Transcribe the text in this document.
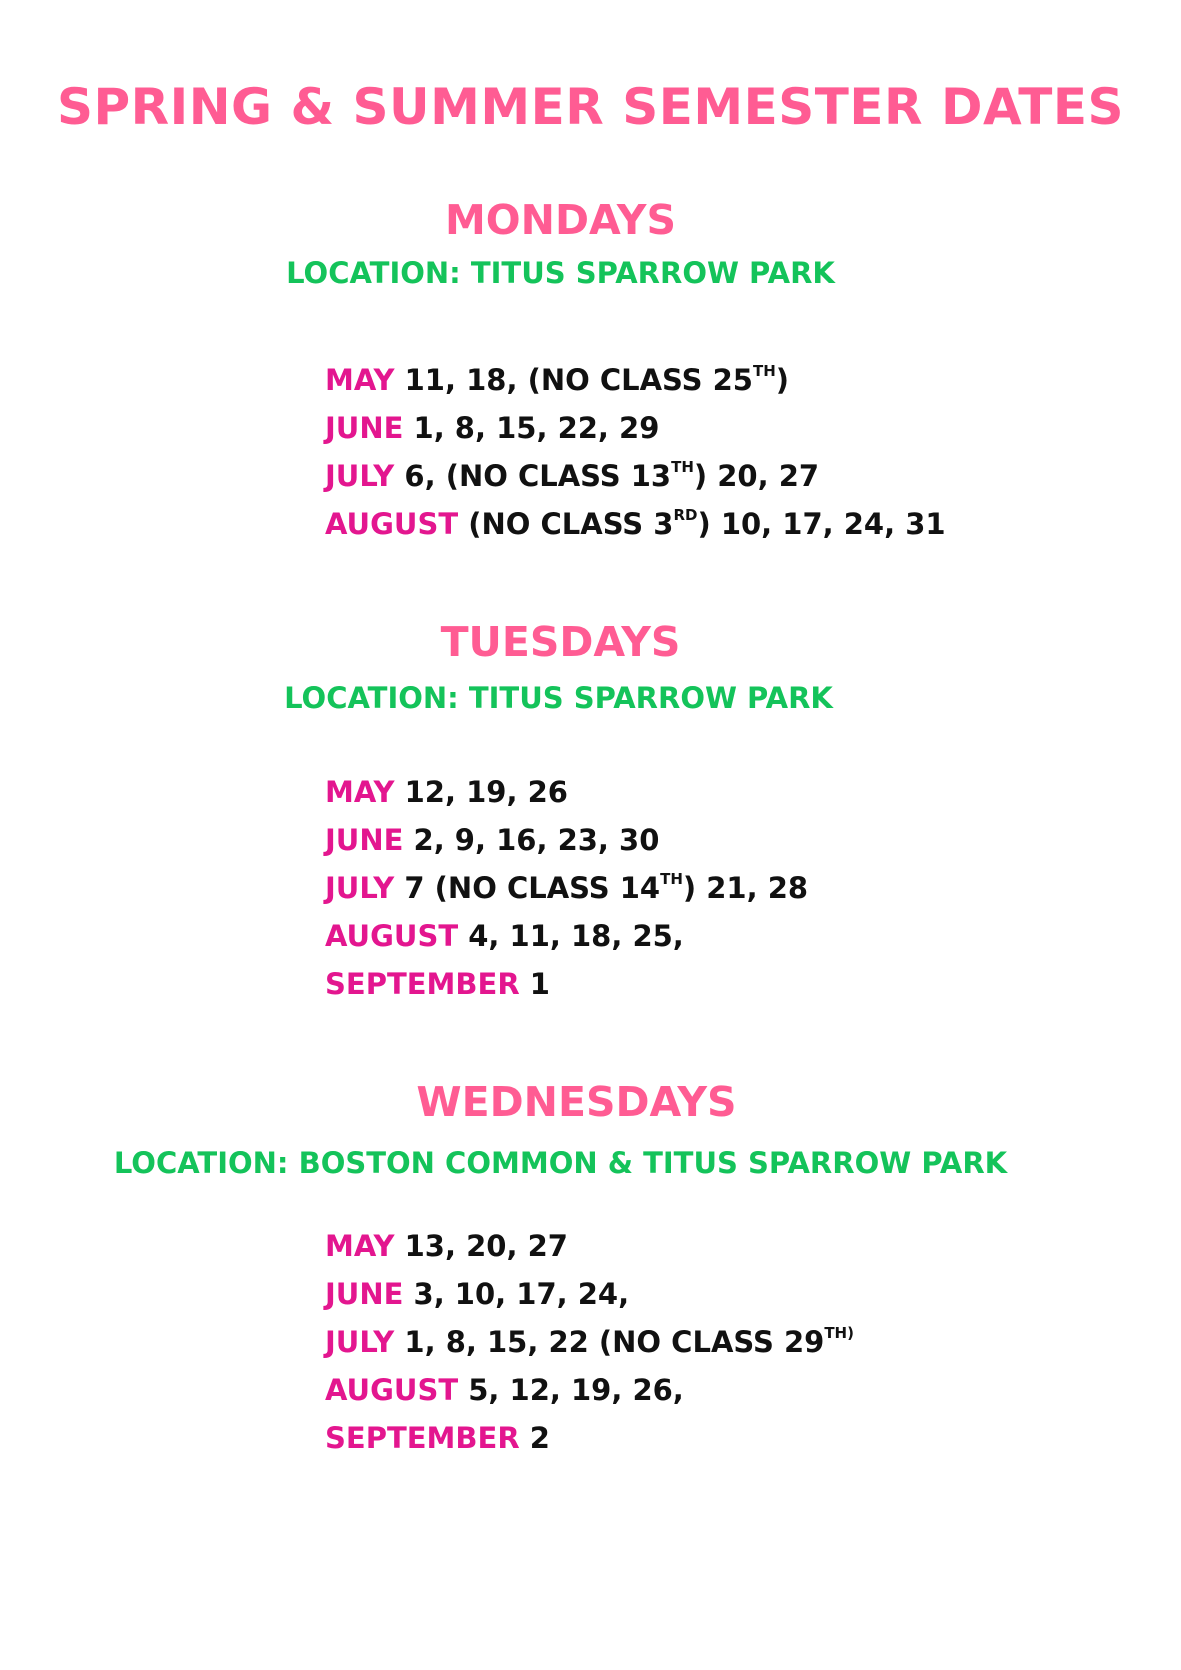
SPRING & SUMMER SEMESTER DATES
MONDAYS
LOCATION: TITUS SPARROW PARK
MAY 11, 18, (NO CLASS 25TH)
JUNE 1, 8, 15, 22, 29
JULY 6, (NO CLASS 13TH) 20, 27
AUGUST (NO CLASS 3RD) 10, 17, 24, 31
TUESDAYS
LOCATION: TITUS SPARROW PARK
MAY 12, 19, 26
JUNE 2, 9, 16, 23, 30
JULY 7 (NO CLASS 14TH) 21, 28
AUGUST 4, 11, 18, 25,
SEPTEMBER 1
WEDNESDAYS
LOCATION: BOSTON COMMON & TITUS SPARROW PARK
MAY 13, 20, 27
JUNE 3, 10, 17, 24,
JULY 1, 8, 15, 22 (NO CLASS $29^{TH)}$
AUGUST 5, 12, 19, 26,
SEPTEMBER 2
